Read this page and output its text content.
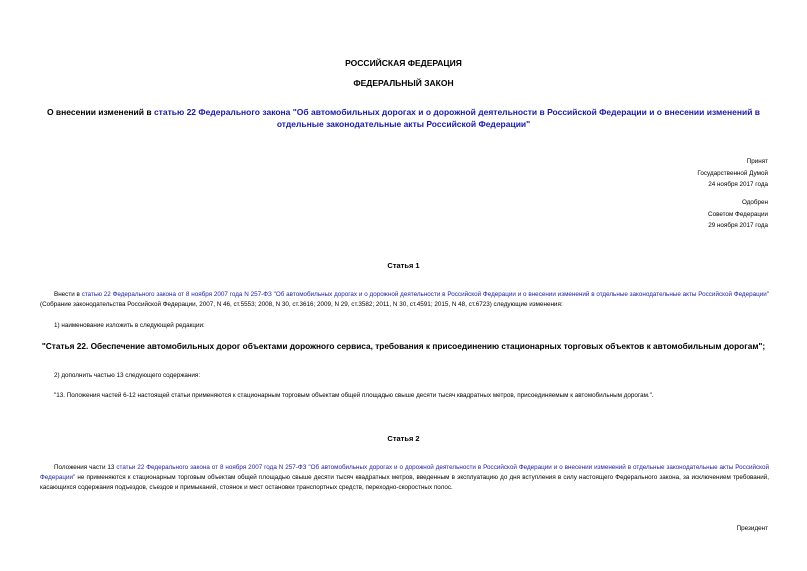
РОССИЙСКАЯ ФЕДЕРАЦИЯ
ФЕДЕРАЛЬНЫЙ ЗАКОН
О внесении изменений в статью 22 Федерального закона "Об автомобильных дорогах и о дорожной деятельности в Российской Федерации и о внесении изменений в отдельные законодательные акты Российской Федерации"
Принят
Государственной Думой
24 ноября 2017 года
Одобрен
Советом Федерации
29 ноября 2017 года
Статья 1
Внести в статью 22 Федерального закона от 8 ноября 2007 года N 257-ФЗ "Об автомобильных дорогах и о дорожной деятельности в Российской Федерации и о внесении изменений в отдельные законодательные акты Российской Федерации" (Собрание законодательства Российской Федерации, 2007, N 46, ст.5553; 2008, N 30, ст.3616; 2009, N 29, ст.3582; 2011, N 30, ст.4591; 2015, N 48, ст.6723) следующие изменения:
1) наименование изложить в следующей редакции:
"Статья 22. Обеспечение автомобильных дорог объектами дорожного сервиса, требования к присоединению стационарных торговых объектов к автомобильным дорогам";
2) дополнить частью 13 следующего содержания:
"13. Положения частей 6-12 настоящей статьи применяются к стационарным торговым объектам общей площадью свыше десяти тысяч квадратных метров, присоединяемым к автомобильным дорогам.".
Статья 2
Положения части 13 статьи 22 Федерального закона от 8 ноября 2007 года N 257-ФЗ "Об автомобильных дорогах и о дорожной деятельности в Российской Федерации и о внесении изменений в отдельные законодательные акты Российской Федерации" не применяются к стационарным торговым объектам общей площадью свыше десяти тысяч квадратных метров, введенным в эксплуатацию до дня вступления в силу настоящего Федерального закона, за исключением требований, касающихся содержания подъездов, съездов и примыканий, стоянок и мест остановки транспортных средств, переходно-скоростных полос.
Президент
